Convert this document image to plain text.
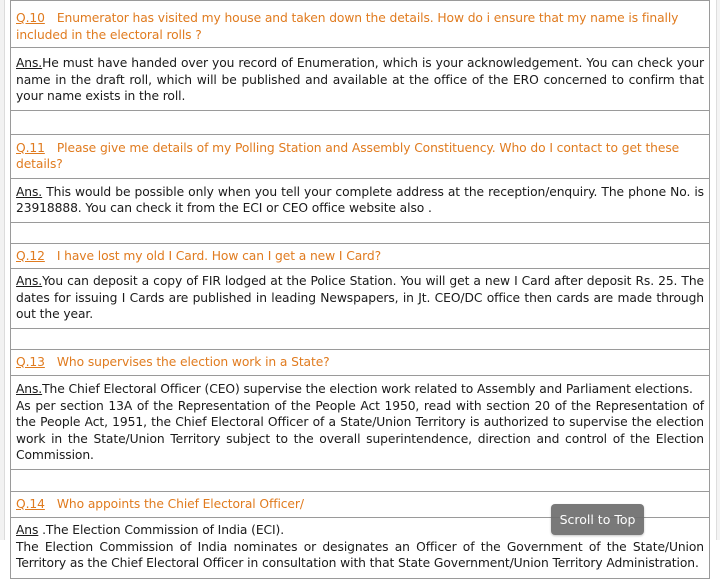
Q.10 Enumerator has visited my house and taken down the details. How do i ensure that my name is finally included in the electoral rolls ?
Ans.He must have handed over you record of Enumeration, which is your acknowledgement. You can check your name in the draft roll, which will be published and available at the office of the ERO concerned to confirm that your name exists in the roll.
Q.11 Please give me details of my Polling Station and Assembly Constituency. Who do I contact to get these details?
Ans. This would be possible only when you tell your complete address at the reception/enquiry. The phone No. is 23918888. You can check it from the ECI or CEO office website also .
Q.12 I have lost my old I Card. How can I get a new I Card?
Ans.You can deposit a copy of FIR lodged at the Police Station. You will get a new I Card after deposit Rs. 25. The dates for issuing I Cards are published in leading Newspapers, in Jt. CEO/DC office then cards are made through out the year.
Q.13 Who supervises the election work in a State?
Ans.The Chief Electoral Officer (CEO) supervise the election work related to Assembly and Parliament elections.
As per section 13A of the Representation of the People Act 1950, read with section 20 of the Representation of the People Act, 1951, the Chief Electoral Officer of a State/Union Territory is authorized to supervise the election work in the State/Union Territory subject to the overall superintendence, direction and control of the Election Commission.
Q.14 Who appoints the Chief Electoral Officer/
Ans .The Election Commission of India (ECI).
The Election Commission of India nominates or designates an Officer of the Government of the State/Union Territory as the Chief Electoral Officer in consultation with that State Government/Union Territory Administration.
Scroll to Top
